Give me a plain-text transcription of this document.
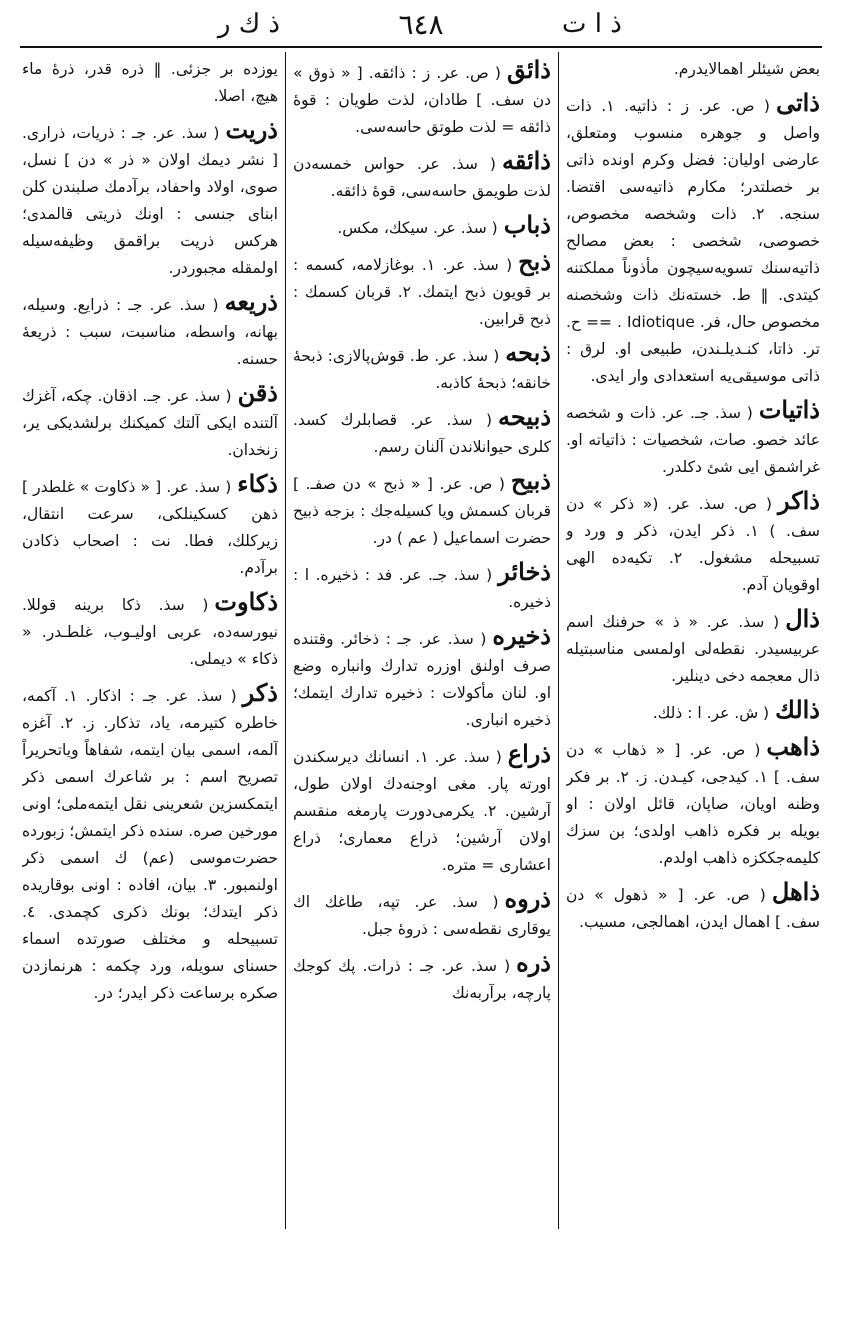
ذ ا ت
٦٤٨
ذ ك ر
بعض شيئلر اهمالايدرم.
ذاتى( ص. عر. ز : ذاتيه. ١. ذات واصل و جوهره منسوب ومتعلق، عارضى اوليان: فضل وكرم اونده ذاتى بر خصلتدر؛ مكارم ذاتيه‌سى اقتضا. سنجه. ٢. ذات وشخصه مخصوص، خصوصى، شخصى : بعض مصالح ذاتيه‌سنك تسويه‌سيچون مأذوناً مملكتنه كيتدى. ‖ ط. خسته‌نك ذات وشخصنه مخصوص حال، فر. Idiotique . == ح. تر. ذاتا، كنـديلـندن، طبيعى او. لرق : ذاتى موسيقى‌يه استعدادى وار ايدى.
ذاتيات( سذ. جـ. عر. ذات و شخصه عائد خصو. صات، شخصيات : ذاتياته او. غراشمق ايى شئ دكلدر.
ذاكر( ص. سذ. عر. (« ذكر » دن سف. ) ١. ذكر ايدن، ذكر و ورد و تسبيحله مشغول. ٢. تكيه‌ده الهى اوقويان آدم.
ذال( سذ. عر. « ذ » حرفنك اسم عربيسيدر. نقطه‌لى اولمسى مناسبتيله ذال معجمه دخى دينلير.
ذالك( ش. عر. ا : ذلك.
ذاهب( ص. عر. [ « ذهاب » دن سف. ] ١. كيدجى، كيـدن. ز. ٢. بر فكر وظنه اويان، صاپان، قائل اولان : او بويله بر فكره ذاهب اولدى؛ بن سزك كليمه‌جككزه ذاهب اولدم.
ذاهل( ص. عر. [ « ذهول » دن سف. ] اهمال ايدن، اهمالجى، مسيب.
ذائق( ص. عر. ز : ذائقه. [ « ذوق » دن سف. ] طادان، لذت طويان : قوۀ ذائقه = لذت طوتق حاسه‌سى.
ذائقه( سذ. عر. حواس خمسه‌دن لذت طويمق حاسه‌سى، قوۀ ذائقه.
ذباب( سذ. عر. سيكك، مكس.
ذبح( سذ. عر. ١. بوغازلامه، كسمه : بر قويون ذبح ايتمك. ٢. قربان كسمك : ذبح قرابين.
ذبحه( سذ. عر. ط. قوش‌پالازى: ذبحۀ خانقه؛ ذبحۀ كاذبه.
ذبيحه( سذ. عر. قصابلرك كسد. كلرى حيوانلاندن آلنان رسم.
ذبيح( ص. عر. [ « ذبح » دن صفـ. ] قربان كسمش ويا كسيله‌جك : بزجه ذبيح حضرت اسماعيل ( عم ) در.
ذخائر( سذ. جـ. عر. فد : ذخيره. ا : ذخيره.
ذخيره( سذ. عر. جـ : ذخائر. وقتنده صرف اولنق اوزره تدارك وانباره وضع او. لنان مأكولات : ذخيره تدارك ايتمك؛ ذخيره انبارى.
ذراع( سذ. عر. ١. انسانك ديرسكندن اورته پار. مغى اوجنه‌دك اولان طول، آرشين. ٢. يكرمى‌دورت پارمغه منقسم اولان آرشين؛ ذراع معمارى؛ ذراع اعشارى = متره.
ذروه( سذ. عر. تپه، طاغك اك يوقارى نقطه‌سى : ذروۀ جبل.
ذره( سذ. عر. جـ : ذرات. پك كوجك پارچه، برآربه‌نك
يوزده بر جزئى. ‖ ذره قدر، ذرۀ ماء هيچ، اصلا.
ذريت( سذ. عر. جـ : ذريات، ذرارى. [ نشر ديمك اولان « ذر » دن ] نسل، صوى، اولاد واحفاد، برآدمك صلبندن كلن ابناى جنسى : اونك ذريتى قالمدى؛ هركس ذريت براقمق وظيفه‌سيله اولمقله مجبوردر.
ذريعه( سذ. عر. جـ : ذرايع. وسيله، بهانه، واسطه، مناسبت، سبب : ذريعۀ حسنه.
ذقن( سذ. عر. جـ. اذقان. چكه، آغزك آلتنده ايكى آلتك كميكنك برلشديكى ير، زنخدان.
ذكاء( سذ. عر. [ « ذكاوت » غلطدر ] ذهن كسكينلكى، سرعت انتقال، زيركلك، فطا. نت : اصحاب ذكادن برآدم.
ذكاوت( سذ. ذكا برينه قوللا. نيورسه‌ده، عربى اوليـوب، غلطـدر. « ذكاء » ديملى.
ذكر( سذ. عر. جـ : اذكار. ١. آكمه، خاطره كتيرمه، ياد، تذكار. ز. ٢. آغزه آلمه، اسمى بيان ايتمه، شفاهاً وياتحريراً تصريح اسم : بر شاعرك اسمى ذكر ايتمكسزين شعرينى نقل ايتمه‌ملى؛ اونى مورخين صره. سنده ذكر ايتمش؛ زبورده حضرت‌موسى (عم) ك اسمى ذكر اولنمبور. ٣. بيان، افاده : اونى بوقاريده ذكر ايتدك؛ بونك ذكرى كچمدى. ٤. تسبيحله و مختلف صورتده اسماء حسناى سويله، ورد چكمه : هرنمازدن صكره برساعت ذكر ايدر؛ در.
